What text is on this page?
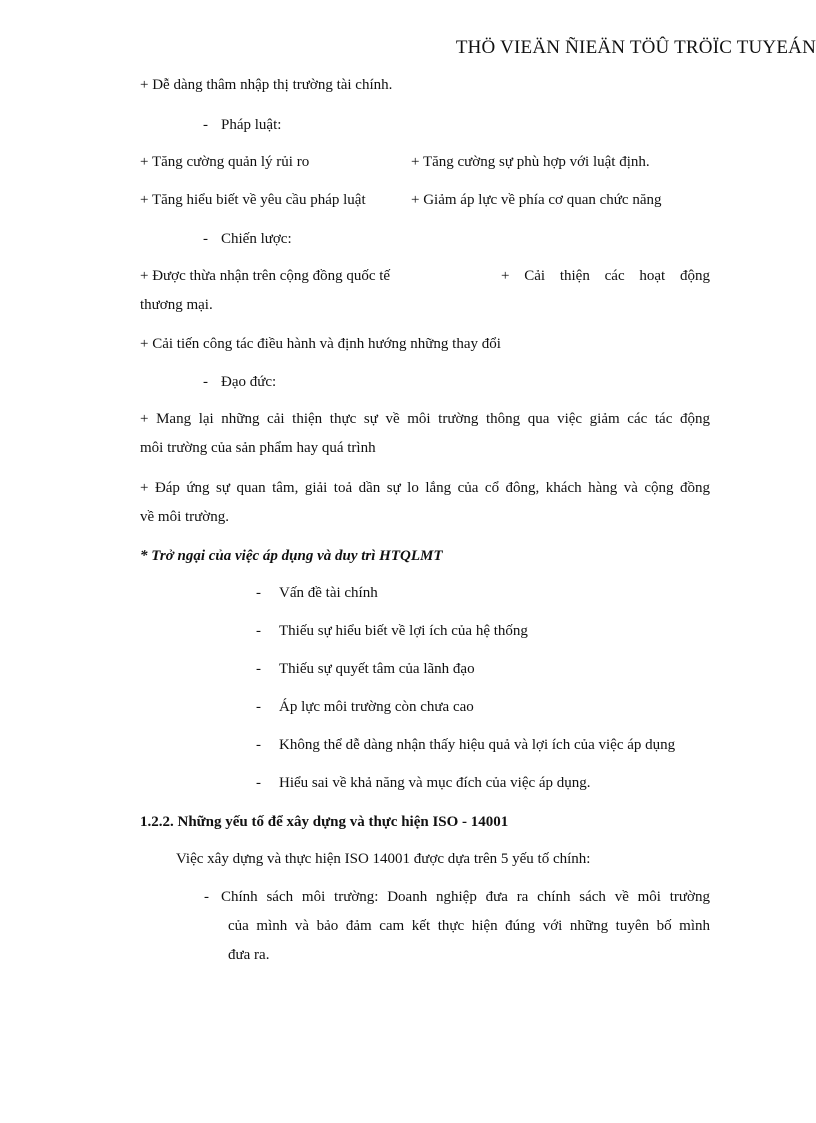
THÖ VIEÄN ÑIEÄN TÖÛ TRÖÏC TUYEÁN
+ Dễ dàng thâm nhập thị trường tài chính.
- Pháp luật:
+ Tăng cường quản lý rủi ro	+ Tăng cường sự phù hợp với luật định.
+ Tăng hiểu biết về yêu cầu pháp luật	+ Giảm áp lực về phía cơ quan chức năng
- Chiến lược:
+ Được thừa nhận trên cộng đồng quốc tế	+ Cải thiện các hoạt động
thương mại.
+ Cải tiến công tác điều hành và định hướng những thay đổi
- Đạo đức:
+ Mang lại những cải thiện thực sự về môi trường thông qua việc giảm các tác động
môi trường của sản phẩm hay quá trình
+ Đáp ứng sự quan tâm, giải toả dần sự lo lắng của cổ đông, khách hàng và cộng đồng
về môi trường.
* Trở ngại của việc áp dụng và duy trì HTQLMT
- Vấn đề tài chính
- Thiếu sự hiểu biết về lợi ích của hệ thống
- Thiếu sự quyết tâm của lãnh đạo
- Áp lực môi trường còn chưa cao
- Không thể dễ dàng nhận thấy hiệu quả và lợi ích của việc áp dụng
- Hiểu sai về khả năng và mục đích của việc áp dụng.
1.2.2. Những yếu tố để xây dựng và thực hiện ISO - 14001
Việc xây dựng và thực hiện ISO 14001 được dựa trên 5 yếu tố chính:
- Chính sách môi trường: Doanh nghiệp đưa ra chính sách về môi trường
của mình và bảo đảm cam kết thực hiện đúng với những tuyên bố mình
đưa ra.
